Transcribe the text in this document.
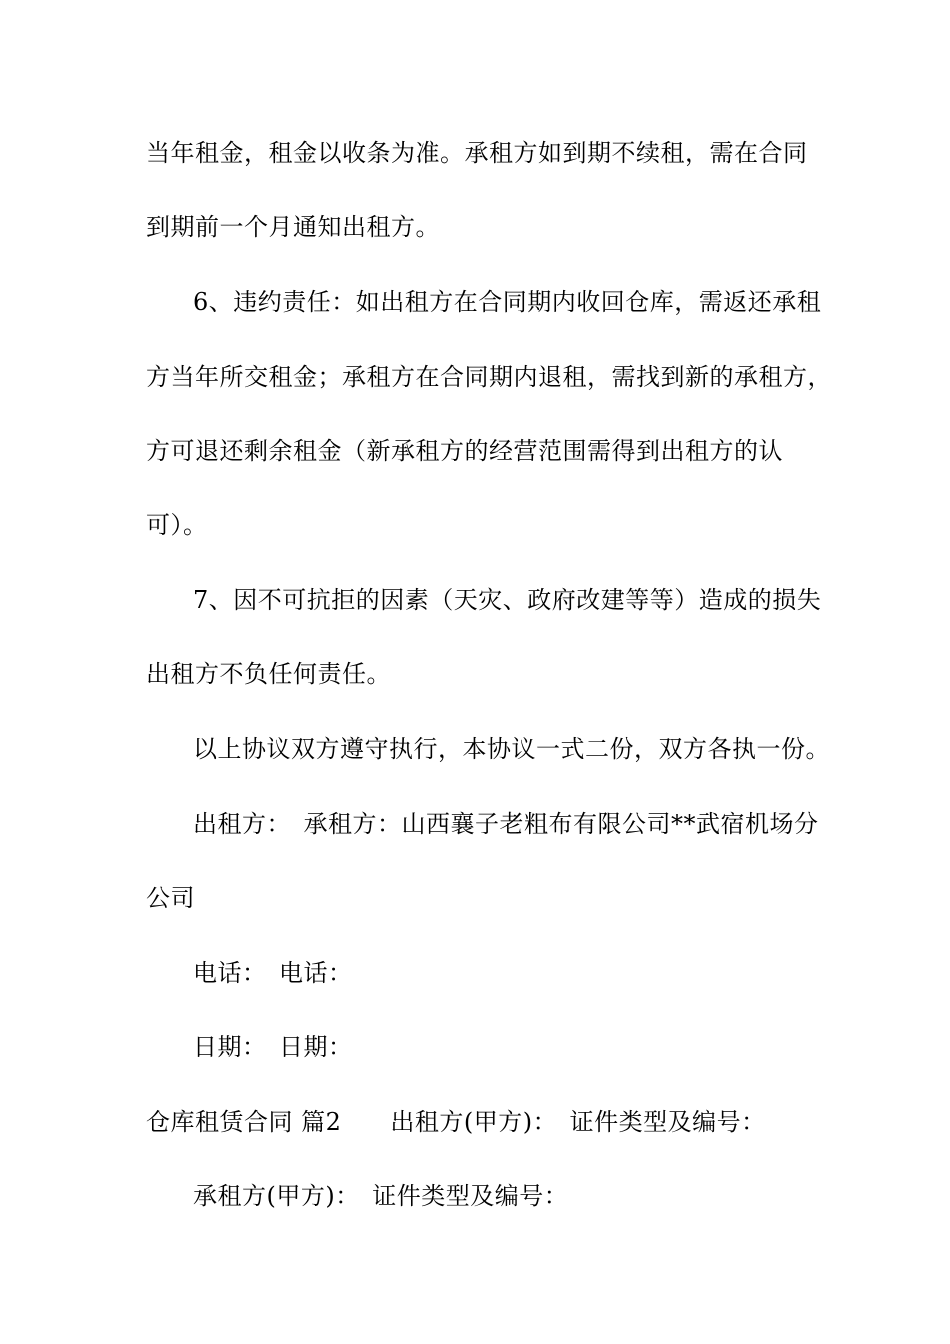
当年租金，租金以收条为准。承租方如到期不续租，需在合同
到期前一个月通知出租方。
6、违约责任：如出租方在合同期内收回仓库，需返还承租
方当年所交租金；承租方在合同期内退租，需找到新的承租方，
方可退还剩余租金（新承租方的经营范围需得到出租方的认
可）。
7、因不可抗拒的因素（天灾、政府改建等等）造成的损失
出租方不负任何责任。
以上协议双方遵守执行，本协议一式二份，双方各执一份。
出租方：　承租方：山西襄子老粗布有限公司**武宿机场分
公司
电话：　电话：
日期：　日期：
仓库租赁合同 篇2　　出租方(甲方)：　证件类型及编号：
承租方(甲方)：　证件类型及编号：
